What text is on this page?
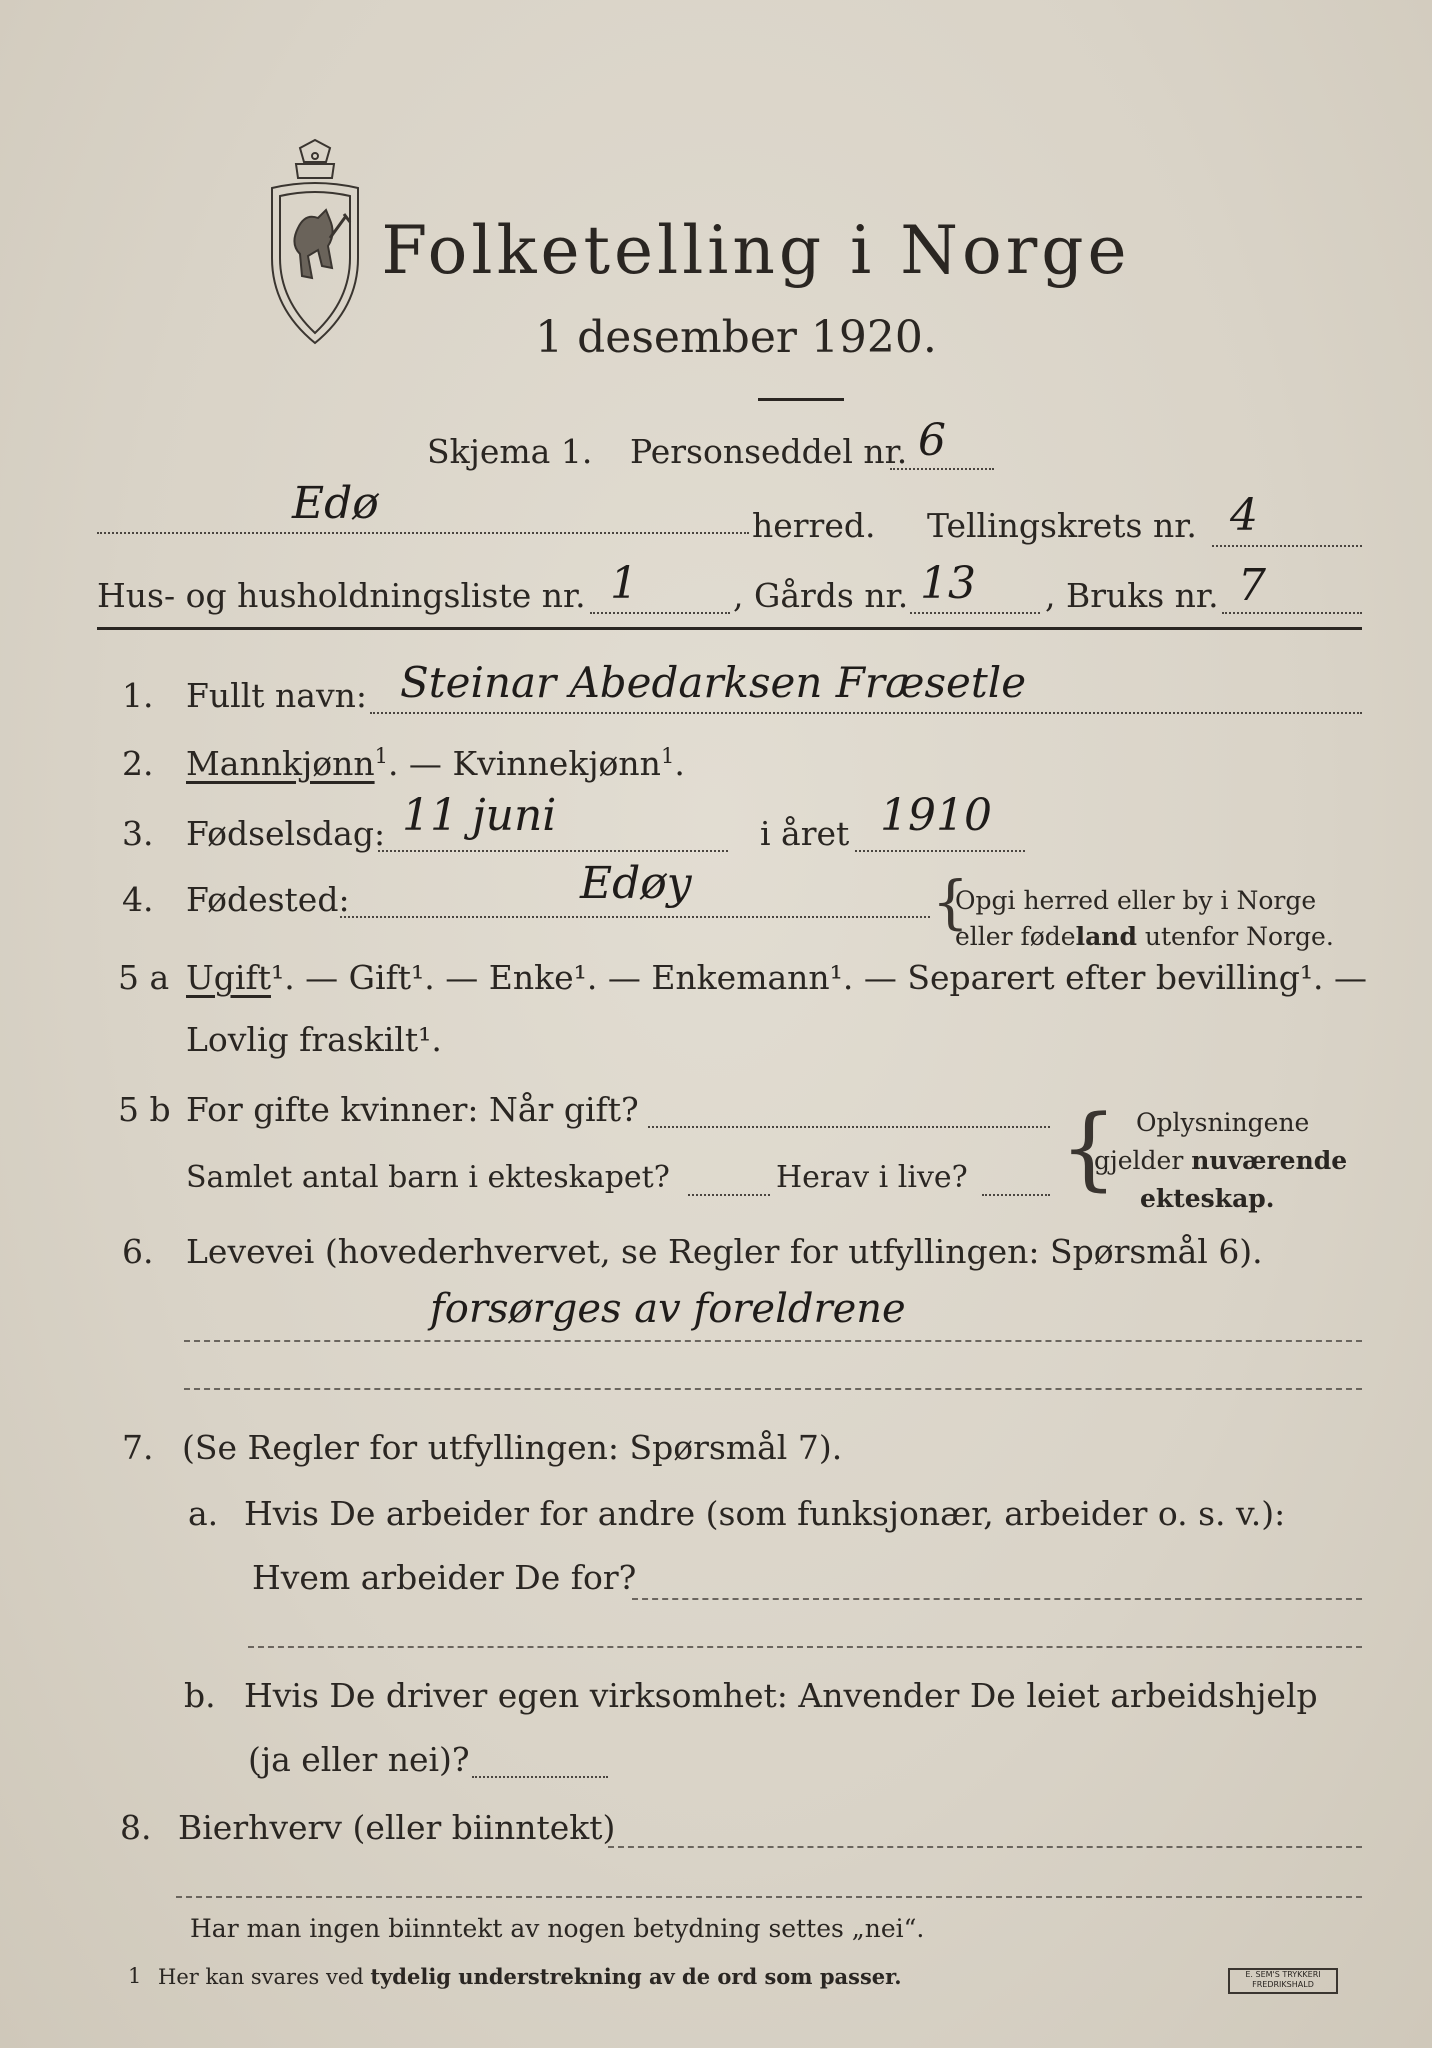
Folketelling i Norge
1 desember 1920.
Skjema 1. Personseddel nr. 6
Edø	herred. Tellingskrets nr. 4
Hus- og husholdningsliste nr. 1	, Gårds nr. 13 , Bruks nr. 7
1. Fullt navn: Steinar Abedarksen Fræsetle
2. Mannkjønn$^1$. — Kvinnekjønn$^1$.
3. Fødselsdag: 11 juni	i året 1910
4. Fødested:	Edøy	{
Opgi herred eller by i Norge
eller fødeland utenfor Norge.
5 a Ugift¹. — Gift¹. — Enke¹. — Enkemann¹. — Separert efter bevilling¹. —
Lovlig fraskilt¹.
5 b For gifte kvinner: Når gift?
Samlet antal barn i ekteskapet?	Herav i live? { Oplysningene
gjelder nuværende
ekteskap.
6. Levevei (hovederhvervet, se Regler for utfyllingen: Spørsmål 6).
forsørges av foreldrene
7. (Se Regler for utfyllingen: Spørsmål 7).
a. Hvis De arbeider for andre (som funksjonær, arbeider o. s. v.):
Hvem arbeider De for?
b. Hvis De driver egen virksomhet: Anvender De leiet arbeidshjelp
(ja eller nei)?
8. Bierhverv (eller biinntekt)
Har man ingen biinntekt av nogen betydning settes „nei“.
1 Her kan svares ved tydelig understrekning av de ord som passer.	E. SEM'S TRYKKERI FREDRIKSHALD
